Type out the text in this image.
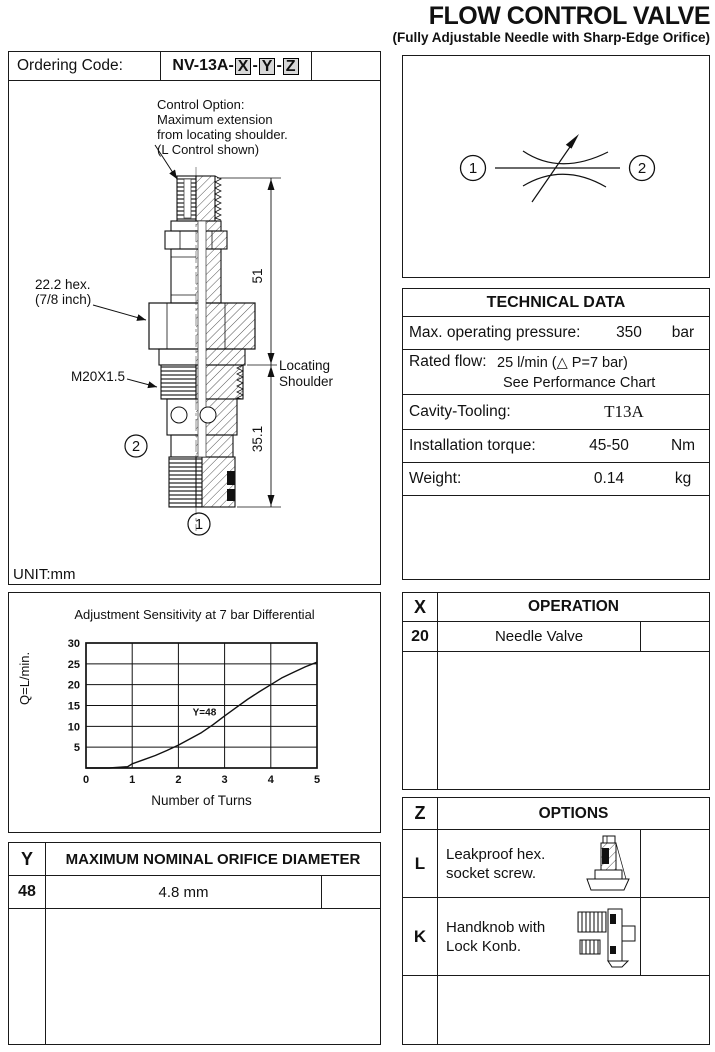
FLOW CONTROL VALVE
(Fully Adjustable Needle with Sharp-Edge Orifice)
Ordering Code:	NV-13A- X - Y - Z
51
35.1
Locating
Shoulder
Control Option:
Maximum extension
from locating shoulder.
(L Control shown)
22.2 hex.
(7/8 inch)
M20X1.5
2
1
UNIT:mm
1	2
TECHNICAL DATA
Max. operating pressure:	350	bar
Rated flow: 25 l/min (△ P=7 bar)
See Performance Chart
Cavity-Tooling:	T13A
Installation torque:	45-50	Nm
Weight:	0.14	kg
Adjustment Sensitivity at 7 bar Differential
Q=L/min.
Number of Turns
0	1	2	3	4	5
5
10
15
20
25
30
Y=48
X	OPERATION
20	Needle Valve
Z	OPTIONS
L	Leakproof hex.
socket screw.
K	Handknob with
Lock Konb.
Y	MAXIMUM NOMINAL ORIFICE DIAMETER
48	4.8 mm
